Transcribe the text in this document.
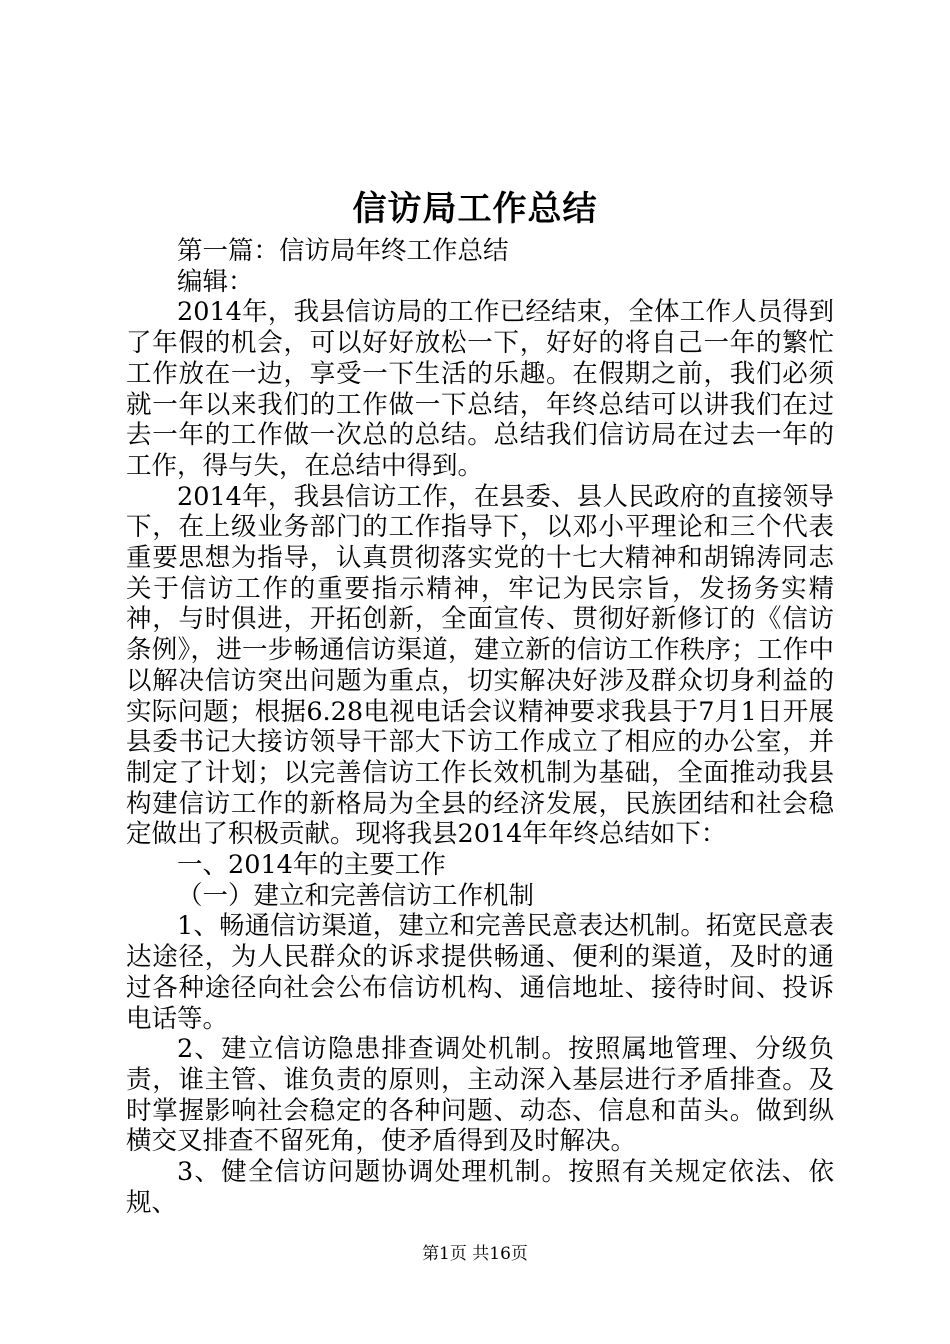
信访局工作总结

第一篇：信访局年终工作总结

编辑：

2014年，我县信访局的工作已经结束，全体工作人员得到了年假的机会，可以好好放松一下，好好的将自己一年的繁忙工作放在一边，享受一下生活的乐趣。在假期之前，我们必须就一年以来我们的工作做一下总结，年终总结可以讲我们在过去一年的工作做一次总的总结。总结我们信访局在过去一年的工作，得与失，在总结中得到。

2014年，我县信访工作，在县委、县人民政府的直接领导下，在上级业务部门的工作指导下，以邓小平理论和三个代表重要思想为指导，认真贯彻落实党的十七大精神和胡锦涛同志关于信访工作的重要指示精神，牢记为民宗旨，发扬务实精神，与时俱进，开拓创新，全面宣传、贯彻好新修订的《信访条例》，进一步畅通信访渠道，建立新的信访工作秩序；工作中以解决信访突出问题为重点，切实解决好涉及群众切身利益的实际问题；根据6.28电视电话会议精神要求我县于7月1日开展县委书记大接访领导干部大下访工作成立了相应的办公室，并制定了计划；以完善信访工作长效机制为基础，全面推动我县构建信访工作的新格局为全县的经济发展，民族团结和社会稳定做出了积极贡献。现将我县2014年年终总结如下：

一、2014年的主要工作

（一）建立和完善信访工作机制

1、畅通信访渠道，建立和完善民意表达机制。拓宽民意表达途径，为人民群众的诉求提供畅通、便利的渠道，及时的通过各种途径向社会公布信访机构、通信地址、接待时间、投诉电话等。

2、建立信访隐患排查调处机制。按照属地管理、分级负责，谁主管、谁负责的原则，主动深入基层进行矛盾排查。及时掌握影响社会稳定的各种问题、动态、信息和苗头。做到纵横交叉排查不留死角，使矛盾得到及时解决。

3、健全信访问题协调处理机制。按照有关规定依法、依规、

第1页 共16页
